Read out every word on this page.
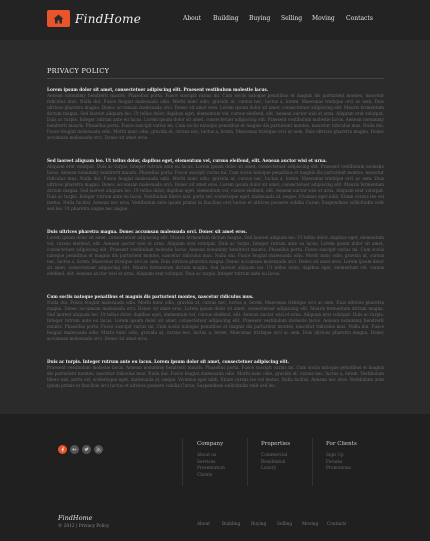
FindHome	About Building Buying Selling Moving Contacts
PRIVACY POLICY
Lorem ipsum dolor sit amet, consectetuer adipiscing elit. Praesent vestibulum molestie lacus.
Aenean nonummy hendrerit mauris. Phasellus porta. Fusce suscipit varius mi. Cum sociis natoque penatibus et magnis dis parturient montes, nascetur ridiculus mus. Nulla dui. Fusce feugiat malesuada odio. Morbi nunc odio, gravida at, cursus nec, luctus a, lorem. Maecenas tristique orci ac sem. Duis ultrices pharetra magna. Donec accumsan malesuada orci. Donec sit amet eros. Lorem ipsum dolor sit amet, consectetuer adipiscing elit. Mauris fermentum dictum magna. Sed laoreet aliquam leo. Ut tellus dolor, dapibus eget, elementum vel, cursus eleifend, elit. Aenean auctor wisi et urna. Aliquam erat volutpat. Duis ac turpis. Integer rutrum ante eu lacus. Lorem ipsum dolor sit amet, consectetuer adipiscing elit. Praesent vestibulum molestie lacus. Aenean nonummy hendrerit mauris. Phasellus porta. Fusce suscipit varius mi. Cum sociis natoque penatibus et magnis dis parturient montes, nascetur ridiculus mus. Nulla dui. Fusce feugiat malesuada odio. Morbi nunc odio, gravida at, cursus nec, luctus a, lorem. Maecenas tristique orci ac sem. Duis ultrices pharetra magna. Donec accumsan malesuada orci. Donec sit amet eros.
Sed laoreet aliquam leo. Ut tellus dolor, dapibus eget, elementum vel, cursus eleifend, elit. Aenean auctor wisi et urna.
Aliquam erat volutpat. Duis ac turpis. Integer rutrum ante eu lacus. Lorem ipsum dolor sit amet, consectetuer adipiscing elit. Praesent vestibulum molestie lacus. Aenean nonummy hendrerit mauris. Phasellus porta. Fusce suscipit varius mi. Cum sociis natoque penatibus et magnis dis parturient montes, nascetur ridiculus mus. Nulla dui. Fusce feugiat malesuada odio. Morbi nunc odio, gravida at, cursus nec, luctus a, lorem. Maecenas tristique orci ac sem. Duis ultrices pharetra magna. Donec accumsan malesuada orci. Donec sit amet eros. Lorem ipsum dolor sit amet, consectetuer adipiscing elit. Mauris fermentum dictum magna. Sed laoreet aliquam leo. Ut tellus dolor, dapibus eget, elementum vel, cursus eleifend, elit. Aenean auctor wisi et urna. Aliquam erat volutpat. Duis ac turpis. Integer rutrum ante eu lacus. Vestibulum libero nisl, porta vel, scelerisque eget, malesuada at, neque. Vivamus eget nibh. Etiam cursus leo vel metus. Nulla facilisi. Aenean nec eros. Vestibulum ante ipsum primis in faucibus orci luctus et ultrices posuere cubilia Curae; Suspendisse sollicitudin velit sed leo. Ut pharetra augue nec augue.
Duis ultrices pharetra magna. Donec accumsan malesuada orci. Donec sit amet eros.
Lorem ipsum dolor sit amet, consectetuer adipiscing elit. Mauris fermentum dictum magna. Sed laoreet aliquam leo. Ut tellus dolor, dapibus eget, elementum vel, cursus eleifend, elit. Aenean auctor wisi et urna. Aliquam erat volutpat. Duis ac turpis. Integer rutrum ante eu lacus. Lorem ipsum dolor sit amet, consectetuer adipiscing elit. Praesent vestibulum molestie lacus. Aenean nonummy hendrerit mauris. Phasellus porta. Fusce suscipit varius mi. Cum sociis natoque penatibus et magnis dis parturient montes, nascetur ridiculus mus. Nulla dui. Fusce feugiat malesuada odio. Morbi nunc odio, gravida at, cursus nec, luctus a, lorem. Maecenas tristique orci ac sem. Duis ultrices pharetra magna. Donec accumsan malesuada orci. Donec sit amet eros. Lorem ipsum dolor sit amet, consectetuer adipiscing elit. Mauris fermentum dictum magna. Sed laoreet aliquam leo. Ut tellus dolor, dapibus eget, elementum vel, cursus eleifend, elit. Aenean auctor wisi et urna. Aliquam erat volutpat. Duis ac turpis. Integer rutrum ante eu lacus.
Cum sociis natoque penatibus et magnis dis parturient montes, nascetur ridiculus mus.
Nulla dui. Fusce feugiat malesuada odio. Morbi nunc odio, gravida at, cursus nec, luctus a, lorem. Maecenas tristique orci ac sem. Duis ultrices pharetra magna. Donec accumsan malesuada orci. Donec sit amet eros. Lorem ipsum dolor sit amet, consectetuer adipiscing elit. Mauris fermentum dictum magna. Sed laoreet aliquam leo. Ut tellus dolor, dapibus eget, elementum vel, cursus eleifend, elit. Aenean auctor wisi et urna. Aliquam erat volutpat. Duis ac turpis. Integer rutrum ante eu lacus. Lorem ipsum dolor sit amet, consectetuer adipiscing elit. Praesent vestibulum molestie lacus. Aenean nonummy hendrerit mauris. Phasellus porta. Fusce suscipit varius mi. Cum sociis natoque penatibus et magnis dis parturient montes, nascetur ridiculus mus. Nulla dui. Fusce feugiat malesuada odio. Morbi nunc odio, gravida at, cursus nec, luctus a, lorem. Maecenas tristique orci ac sem. Duis ultrices pharetra magna. Donec accumsan malesuada orci. Donec sit amet eros.
Duis ac turpis. Integer rutrum ante eu lacus. Lorem ipsum dolor sit amet, consectetuer adipiscing elit.
Praesent vestibulum molestie lacus. Aenean nonummy hendrerit mauris. Phasellus porta. Fusce suscipit varius mi. Cum sociis natoque penatibus et magnis dis parturient montes, nascetur ridiculus mus. Nulla dui. Fusce feugiat malesuada odio. Morbi nunc odio, gravida at, cursus nec, luctus a, lorem. Vestibulum libero nisl, porta vel, scelerisque eget, malesuada at, neque. Vivamus eget nibh. Etiam cursus leo vel metus. Nulla facilisi. Aenean nec eros. Vestibulum ante ipsum primis in faucibus orci luctus et ultrices posuere cubilia Curae; Suspendisse sollicitudin velit sed leo.
Company
About us
Services
Presentation
Clients
Properties
Commercial
Residential
Luxury
For Clients
Sign Up
Forums
Promotions
FindHome
© 2012 | Privacy Policy	About	Building Buying	Selling Moving Contacts
